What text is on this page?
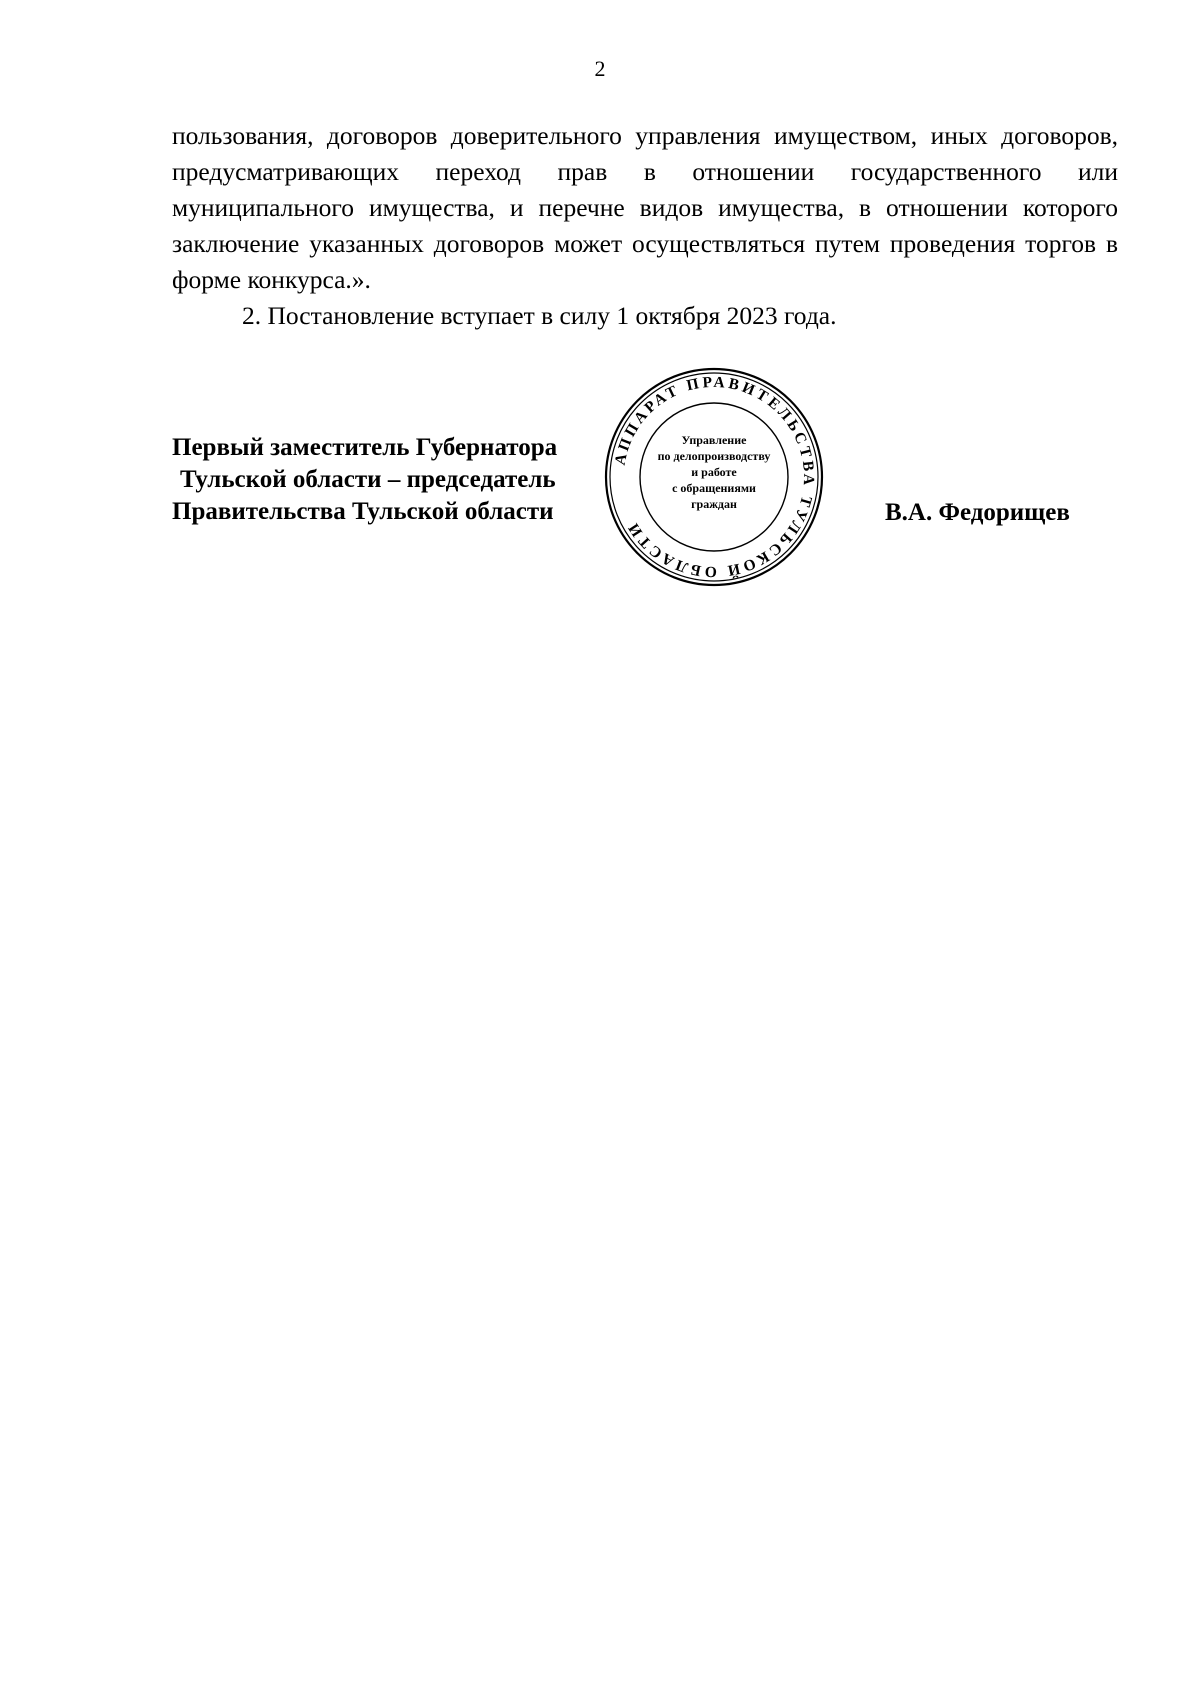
2

пользования, договоров доверительного управления имуществом, иных договоров, предусматривающих переход прав в отношении государственного или муниципального имущества, и перечне видов имущества, в отношении которого заключение указанных договоров может осуществляться путем проведения торгов в форме конкурса.».

2. Постановление вступает в силу 1 октября 2023 года.

Первый заместитель Губернатора
Тульской области – председатель
Правительства Тульской области	В.А. Федорищев
АППАРАТ ПРАВИТЕЛЬСТВА ТУЛЬСКОЙ ОБЛАСТИ
Управление
по делопроизводству
и работе
с обращениями
граждан
